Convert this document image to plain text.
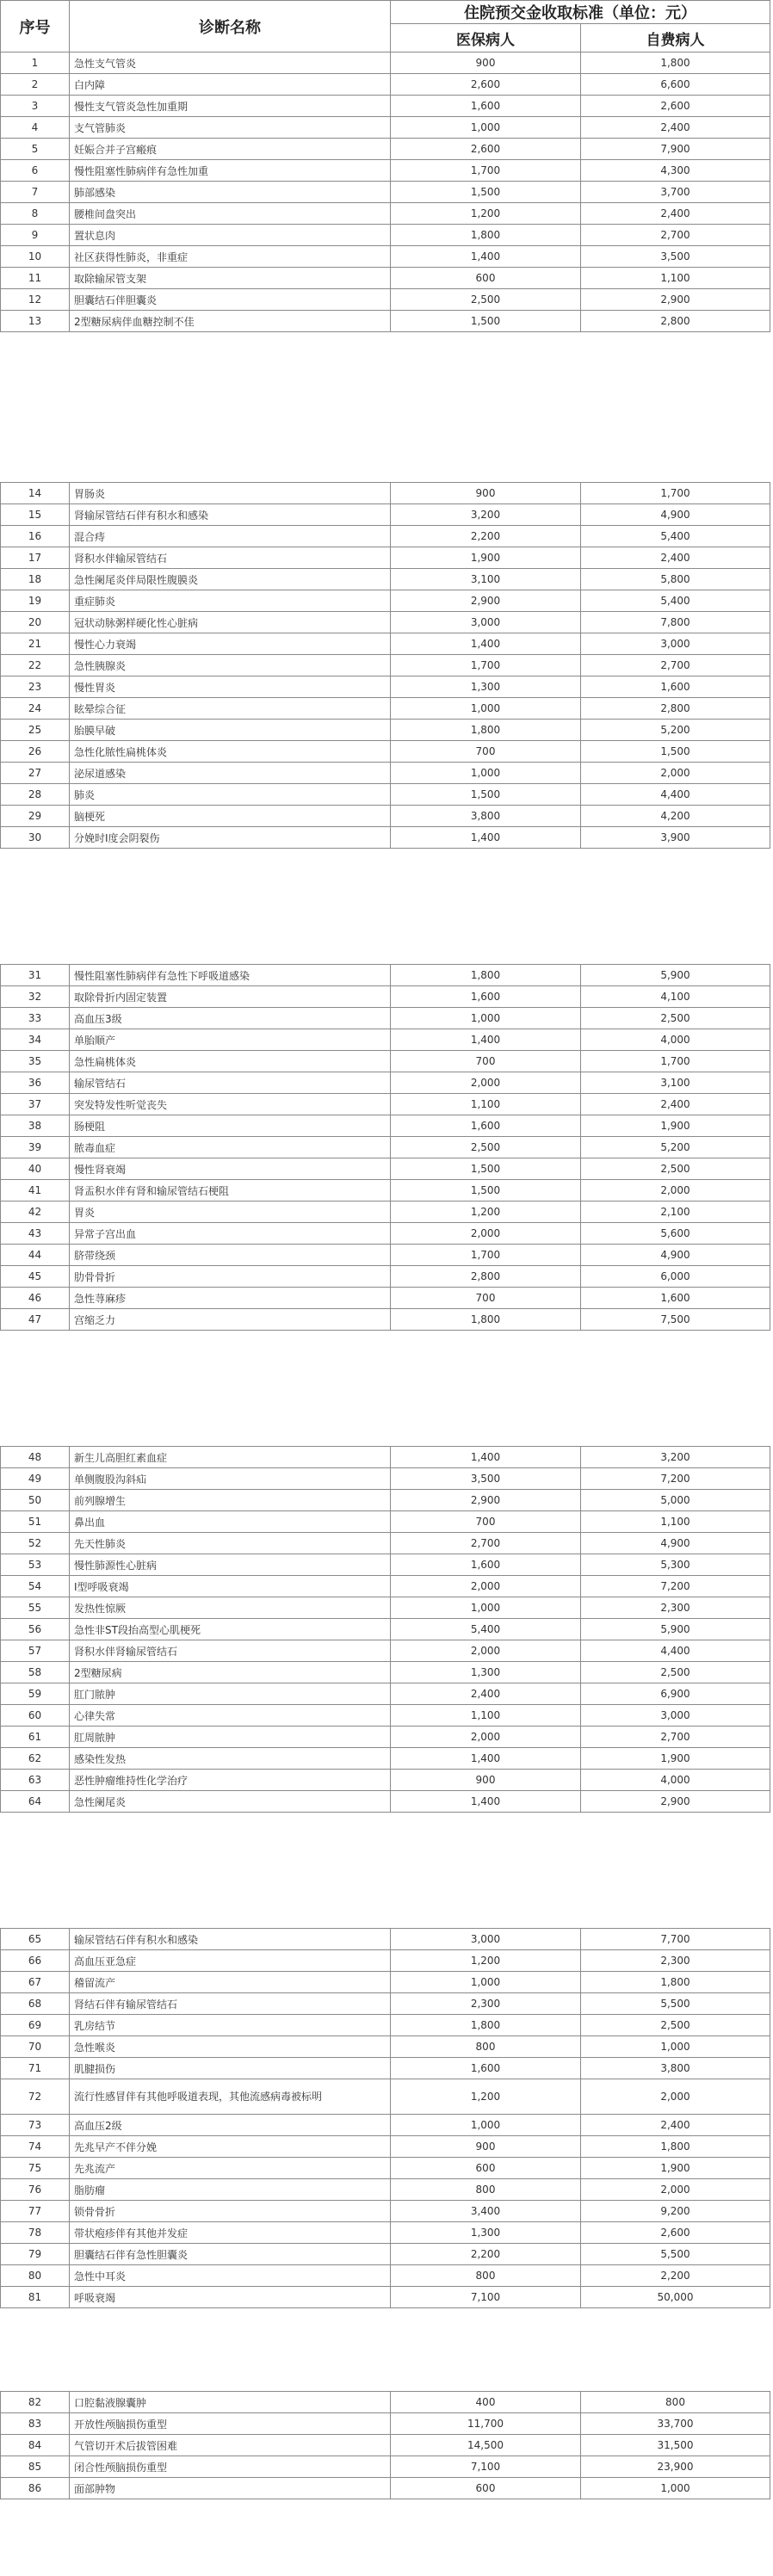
序号	诊断名称	住院预交金收取标准（单位：元）	
		医保病人	自费病人
1	急性支气管炎	900	1,800
2	白内障	2,600	6,600
3	慢性支气管炎急性加重期	1,600	2,600
4	支气管肺炎	1,000	2,400
5	妊娠合并子宫瘢痕	2,600	7,900
6	慢性阻塞性肺病伴有急性加重	1,700	4,300
7	肺部感染	1,500	3,700
8	腰椎间盘突出	1,200	2,400
9	置状息肉	1,800	2,700
10	社区获得性肺炎，非重症	1,400	3,500
11	取除输尿管支架	600	1,100
12	胆囊结石伴胆囊炎	2,500	2,900
13	2型糖尿病伴血糖控制不佳	1,500	2,800
14	胃肠炎	900	1,700
15	肾输尿管结石伴有积水和感染	3,200	4,900
16	混合痔	2,200	5,400
17	肾积水伴输尿管结石	1,900	2,400
18	急性阑尾炎伴局限性腹膜炎	3,100	5,800
19	重症肺炎	2,900	5,400
20	冠状动脉粥样硬化性心脏病	3,000	7,800
21	慢性心力衰竭	1,400	3,000
22	急性胰腺炎	1,700	2,700
23	慢性胃炎	1,300	1,600
24	眩晕综合征	1,000	2,800
25	胎膜早破	1,800	5,200
26	急性化脓性扁桃体炎	700	1,500
27	泌尿道感染	1,000	2,000
28	肺炎	1,500	4,400
29	脑梗死	3,800	4,200
30	分娩时Ⅰ度会阴裂伤	1,400	3,900
31	慢性阻塞性肺病伴有急性下呼吸道感染	1,800	5,900
32	取除骨折内固定装置	1,600	4,100
33	高血压3级	1,000	2,500
34	单胎顺产	1,400	4,000
35	急性扁桃体炎	700	1,700
36	输尿管结石	2,000	3,100
37	突发特发性听觉丧失	1,100	2,400
38	肠梗阻	1,600	1,900
39	脓毒血症	2,500	5,200
40	慢性肾衰竭	1,500	2,500
41	肾盂积水伴有肾和输尿管结石梗阻	1,500	2,000
42	胃炎	1,200	2,100
43	异常子宫出血	2,000	5,600
44	脐带绕颈	1,700	4,900
45	肋骨骨折	2,800	6,000
46	急性荨麻疹	700	1,600
47	宫缩乏力	1,800	7,500
48	新生儿高胆红素血症	1,400	3,200
49	单侧腹股沟斜疝	3,500	7,200
50	前列腺增生	2,900	5,000
51	鼻出血	700	1,100
52	先天性肺炎	2,700	4,900
53	慢性肺源性心脏病	1,600	5,300
54	Ⅰ型呼吸衰竭	2,000	7,200
55	发热性惊厥	1,000	2,300
56	急性非ST段抬高型心肌梗死	5,400	5,900
57	肾积水伴肾输尿管结石	2,000	4,400
58	2型糖尿病	1,300	2,500
59	肛门脓肿	2,400	6,900
60	心律失常	1,100	3,000
61	肛周脓肿	2,000	2,700
62	感染性发热	1,400	1,900
63	恶性肿瘤维持性化学治疗	900	4,000
64	急性阑尾炎	1,400	2,900
65	输尿管结石伴有积水和感染	3,000	7,700
66	高血压亚急症	1,200	2,300
67	稽留流产	1,000	1,800
68	肾结石伴有输尿管结石	2,300	5,500
69	乳房结节	1,800	2,500
70	急性喉炎	800	1,000
71	肌腱损伤	1,600	3,800
72	流行性感冒伴有其他呼吸道表现，其他流感病毒被标明	1,200	2,000
73	高血压2级	1,000	2,400
74	先兆早产不伴分娩	900	1,800
75	先兆流产	600	1,900
76	脂肪瘤	800	2,000
77	锁骨骨折	3,400	9,200
78	带状疱疹伴有其他并发症	1,300	2,600
79	胆囊结石伴有急性胆囊炎	2,200	5,500
80	急性中耳炎	800	2,200
81	呼吸衰竭	7,100	50,000
82	口腔黏液腺囊肿	400	800
83	开放性颅脑损伤重型	11,700	33,700
84	气管切开术后拔管困难	14,500	31,500
85	闭合性颅脑损伤重型	7,100	23,900
86	面部肿物	600	1,000
